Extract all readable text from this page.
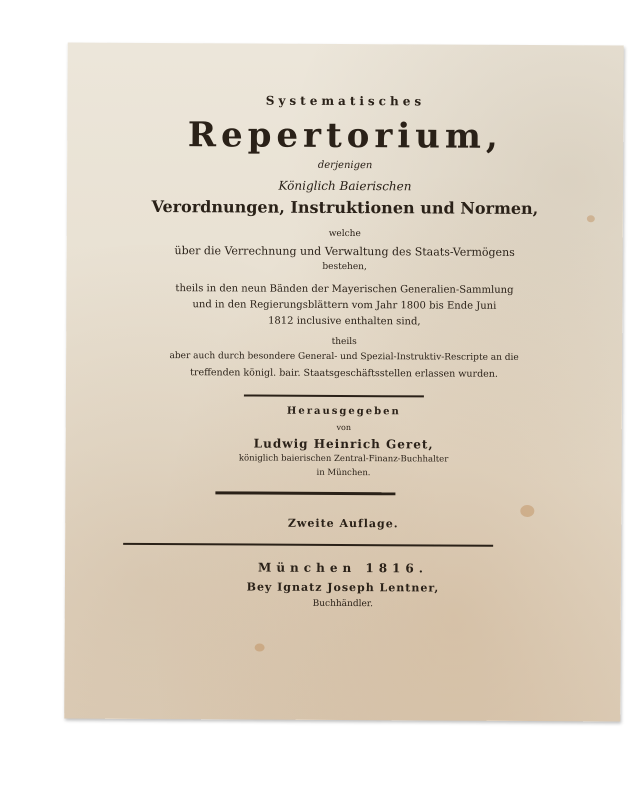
Systematisches
Repertorium,
derjenigen
Königlich Baierischen
Verordnungen, Instruktionen und Normen,
welche
über die Verrechnung und Verwaltung des Staats-Vermögens
bestehen,
theils in den neun Bänden der Mayerischen Generalien-Sammlung
und in den Regierungsblättern vom Jahr 1800 bis Ende Juni
1812 inclusive enthalten sind,
theils
aber auch durch besondere General- und Spezial-Instruktiv-Rescripte an die
treffenden königl. bair. Staatsgeschäftsstellen erlassen wurden.
Herausgegeben
von
Ludwig Heinrich Geret,
königlich baierischen Zentral-Finanz-Buchhalter
in München.
Zweite Auflage.
München 1816.
Bey Ignatz Joseph Lentner,
Buchhändler.
